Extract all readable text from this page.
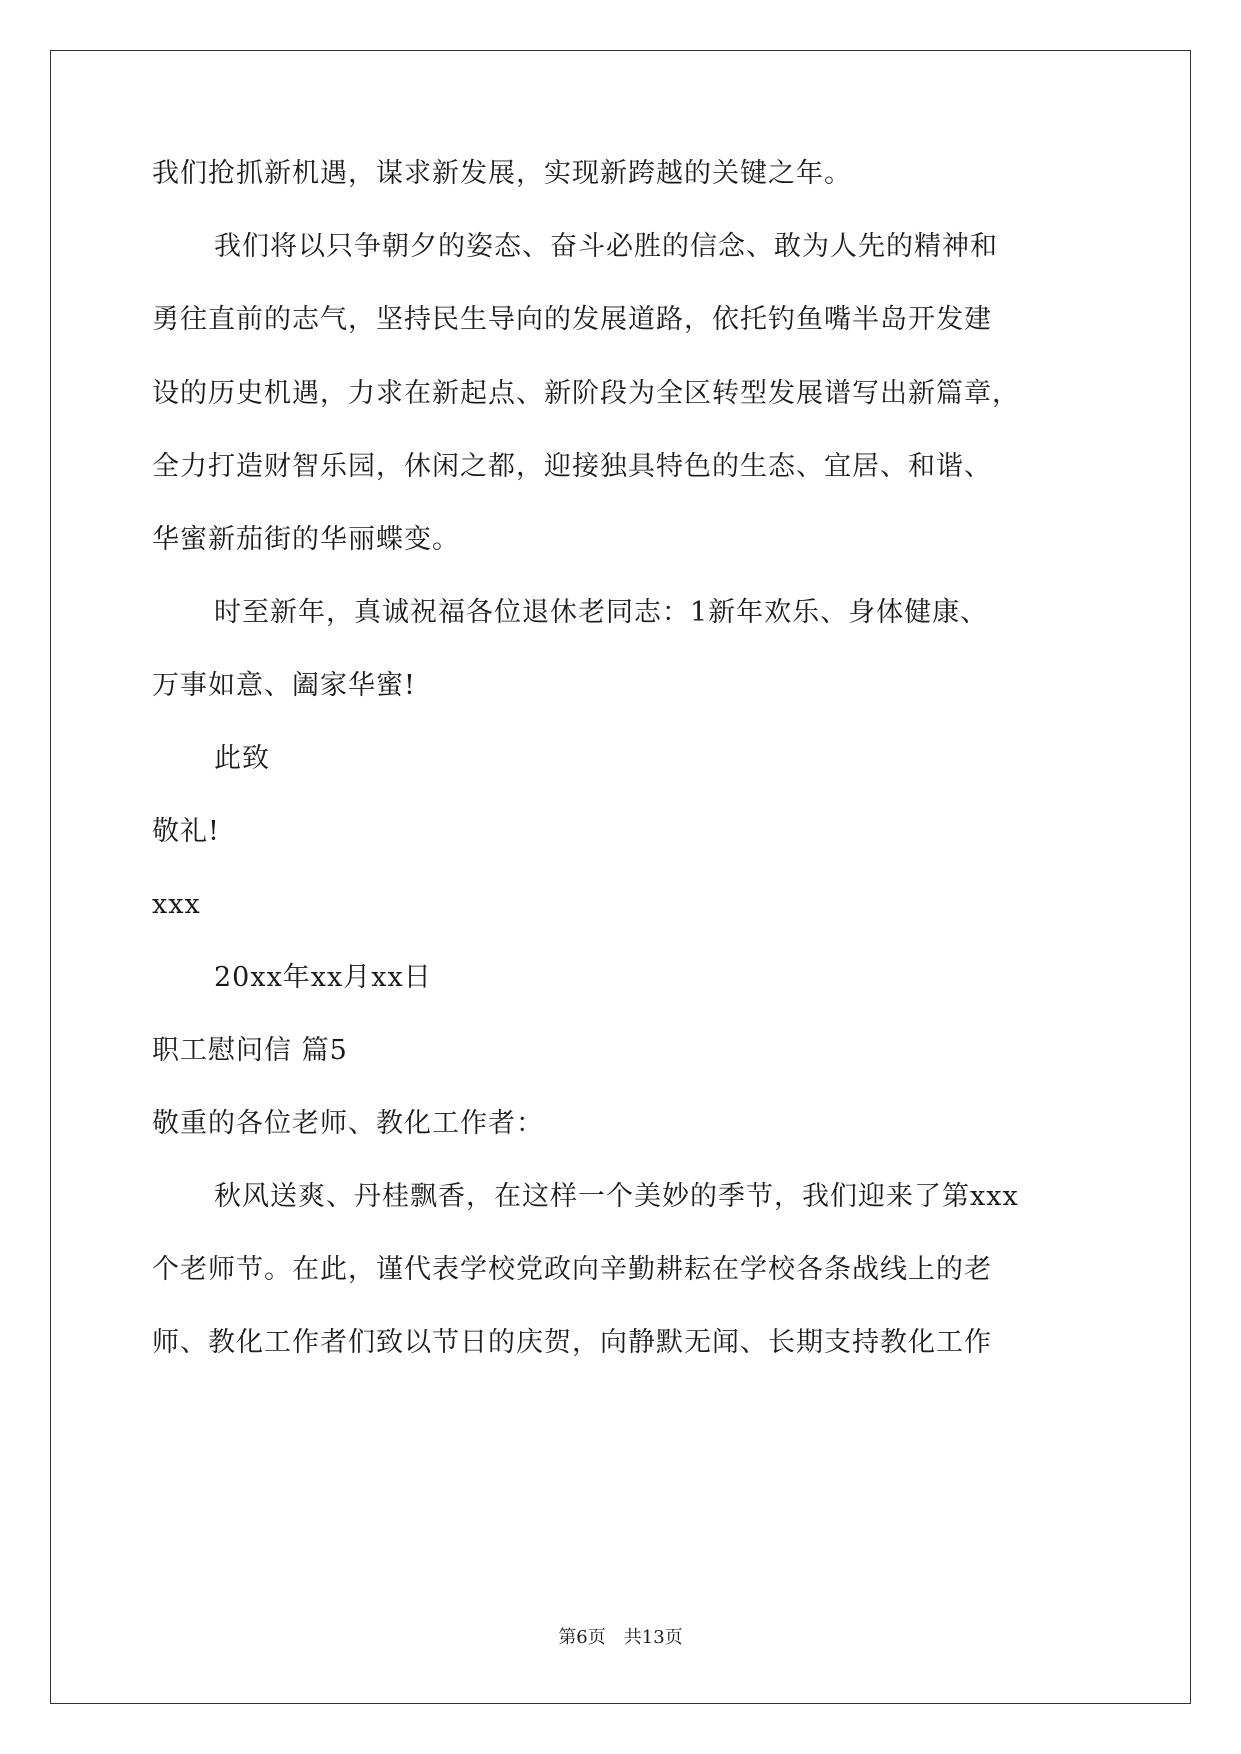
我们抢抓新机遇，谋求新发展，实现新跨越的关键之年。
我们将以只争朝夕的姿态、奋斗必胜的信念、敢为人先的精神和
勇往直前的志气，坚持民生导向的发展道路，依托钓鱼嘴半岛开发建
设的历史机遇，力求在新起点、新阶段为全区转型发展谱写出新篇章，
全力打造财智乐园，休闲之都，迎接独具特色的生态、宜居、和谐、
华蜜新茄街的华丽蝶变。
时至新年，真诚祝福各位退休老同志：1新年欢乐、身体健康、
万事如意、阖家华蜜!
此致
敬礼!
xxx
20xx年xx月xx日
职工慰问信 篇5
敬重的各位老师、教化工作者：
秋风送爽、丹桂飘香，在这样一个美妙的季节，我们迎来了第xxx
个老师节。在此，谨代表学校党政向辛勤耕耘在学校各条战线上的老
师、教化工作者们致以节日的庆贺，向静默无闻、长期支持教化工作
第6页 共13页
